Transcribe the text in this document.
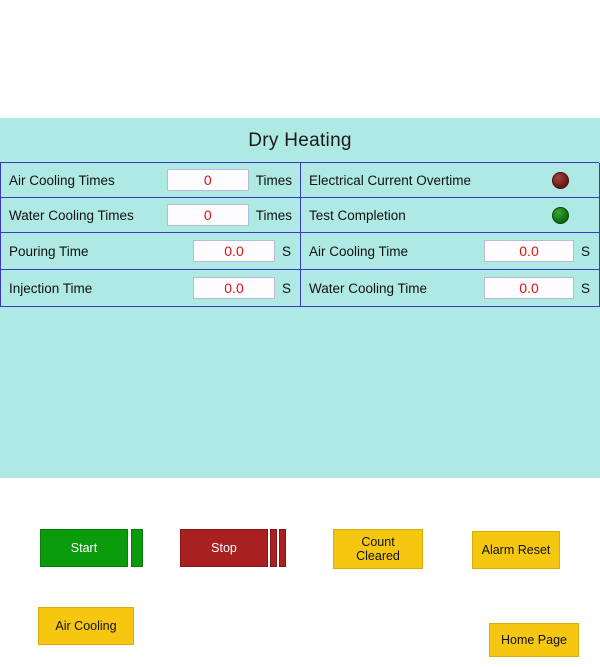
Dry Heating
Air Cooling Times	0	Times Electrical Current Overtime
Water Cooling Times	0	Times Test Completion
Pouring Time	0.0	S Air Cooling Time	0.0	S
Injection Time	0.0	S Water Cooling Time	0.0	S
Start	Stop	Count
Cleared	Alarm Reset
Air Cooling
Home Page
